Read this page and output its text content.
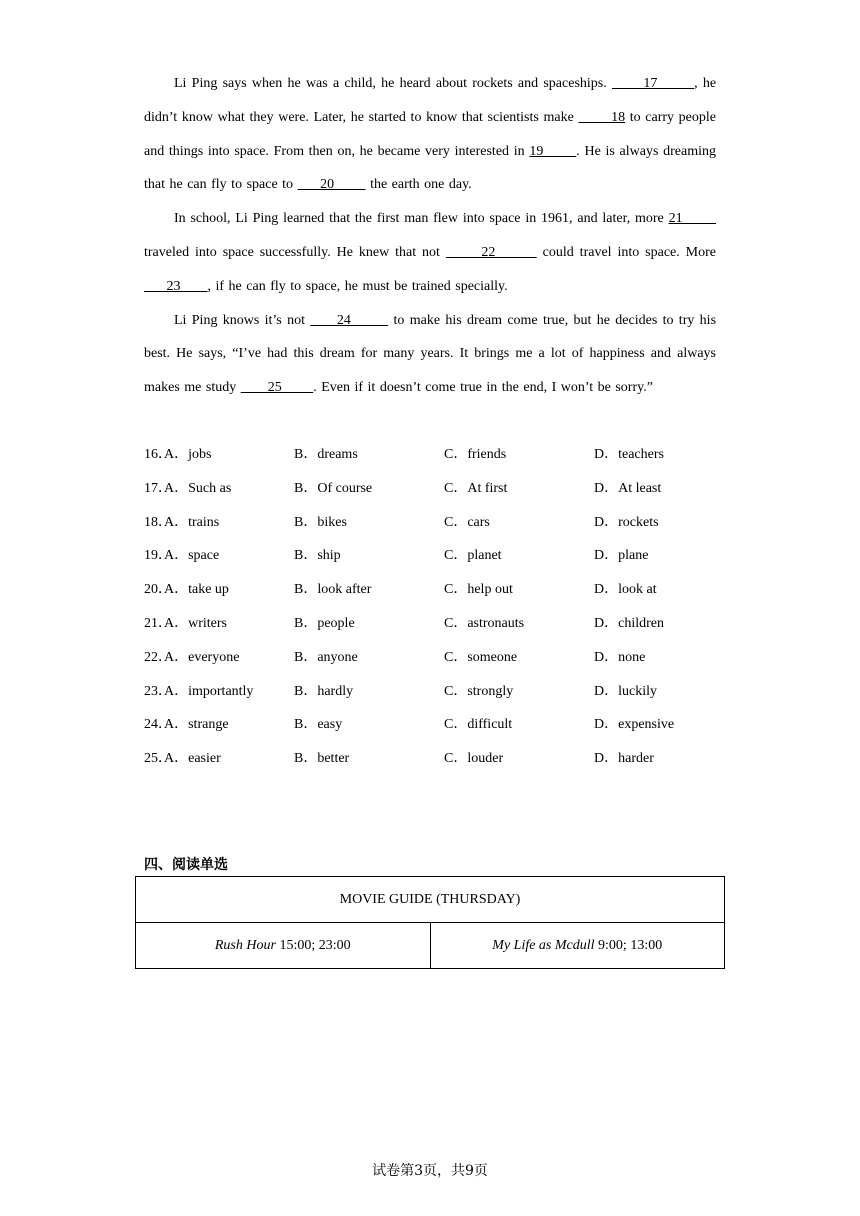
Li Ping says when he was a child, he heard about rockets and spaceships.       17       , he didn’t know what they were. Later, he started to know that scientists make        18 to carry people and things into space. From then on, he became very interested in 19       . He is always dreaming that he can fly to space to      20        the earth one day.

In school, Li Ping learned that the first man flew into space in 1961, and later, more 21        traveled into space successfully. He knew that not       22        could travel into space. More      23      , if he can fly to space, he must be trained specially.

Li Ping knows it’s not      24        to make his dream come true, but he decides to try his best. He says, “I’ve had this dream for many years. It brings me a lot of happiness and always makes me study       25       . Even if it doesn’t come true in the end, I won’t be sorry.”

16．
A．jobs	B．dreams	C．friends	D．teachers
17．
A．Such as	B．Of course	C．At first	D．At least
18．
A．trains	B．bikes	C．cars	D．rockets
19．
A．space	B．ship	C．planet	D．plane
20．
A．take up	B．look after	C．help out	D．look at
21．
A．writers	B．people	C．astronauts	D．children
22．
A．everyone	B．anyone	C．someone	D．none
23．
A．importantly	B．hardly	C．strongly	D．luckily
24．
A．strange	B．easy	C．difficult	D．expensive
25．
A．easier	B．better	C．louder	D．harder
四、阅读单选
MOVIE GUIDE (THURSDAY)
Rush Hour 15:00; 23:00	My Life as Mcdull 9:00; 13:00
试卷第3页，共9页
